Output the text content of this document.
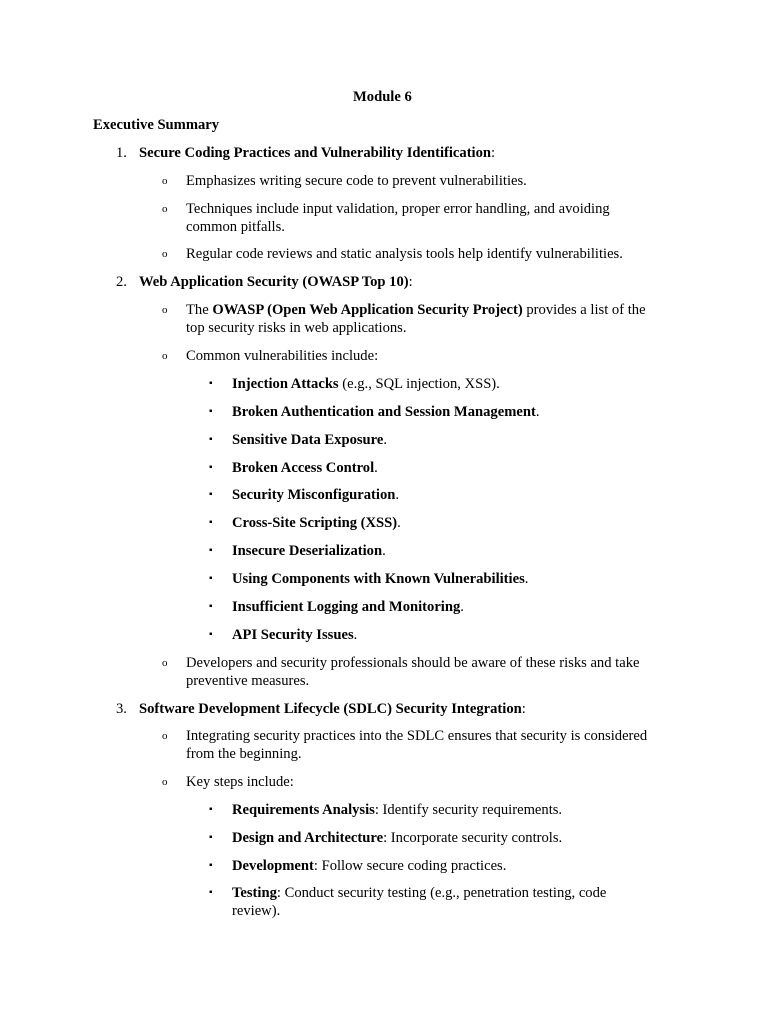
Module 6
Executive Summary
1. Secure Coding Practices and Vulnerability Identification:
o Emphasizes writing secure code to prevent vulnerabilities.
o Techniques include input validation, proper error handling, and avoiding
common pitfalls.
o Regular code reviews and static analysis tools help identify vulnerabilities.
2. Web Application Security (OWASP Top 10):
o The OWASP (Open Web Application Security Project) provides a list of the
top security risks in web applications.
o Common vulnerabilities include:
▪ Injection Attacks (e.g., SQL injection, XSS).
▪ Broken Authentication and Session Management.
▪ Sensitive Data Exposure.
▪ Broken Access Control.
▪ Security Misconfiguration.
▪ Cross-Site Scripting (XSS).
▪ Insecure Deserialization.
▪ Using Components with Known Vulnerabilities.
▪ Insufficient Logging and Monitoring.
▪ API Security Issues.
o Developers and security professionals should be aware of these risks and take
preventive measures.
3. Software Development Lifecycle (SDLC) Security Integration:
o Integrating security practices into the SDLC ensures that security is considered
from the beginning.
o Key steps include:
▪ Requirements Analysis: Identify security requirements.
▪ Design and Architecture: Incorporate security controls.
▪ Development: Follow secure coding practices.
▪ Testing: Conduct security testing (e.g., penetration testing, code
review).
